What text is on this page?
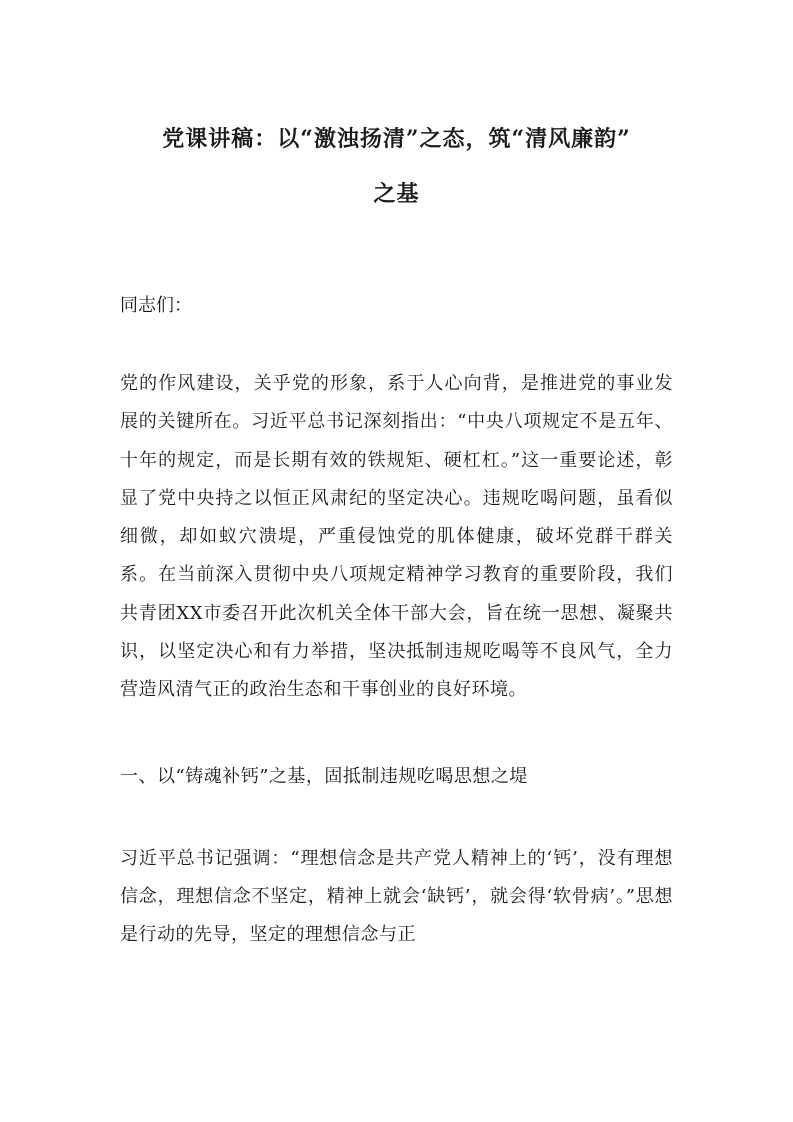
党课讲稿：以“激浊扬清”之态，筑“清风廉韵”
之基

同志们：

党的作风建设，关乎党的形象，系于人心向背，是推进党的事业发展的关键所在。习近平总书记深刻指出：“中央八项规定不是五年、十年的规定，而是长期有效的铁规矩、硬杠杠。”这一重要论述，彰显了党中央持之以恒正风肃纪的坚定决心。违规吃喝问题，虽看似细微，却如蚁穴溃堤，严重侵蚀党的肌体健康，破坏党群干群关系。在当前深入贯彻中央八项规定精神学习教育的重要阶段，我们共青团XX市委召开此次机关全体干部大会，旨在统一思想、凝聚共识，以坚定决心和有力举措，坚决抵制违规吃喝等不良风气，全力营造风清气正的政治生态和干事创业的良好环境。

一、以“铸魂补钙”之基，固抵制违规吃喝思想之堤

习近平总书记强调：“理想信念是共产党人精神上的‘钙’，没有理想信念，理想信念不坚定，精神上就会‘缺钙’，就会得‘软骨病’。”思想是行动的先导，坚定的理想信念与正
